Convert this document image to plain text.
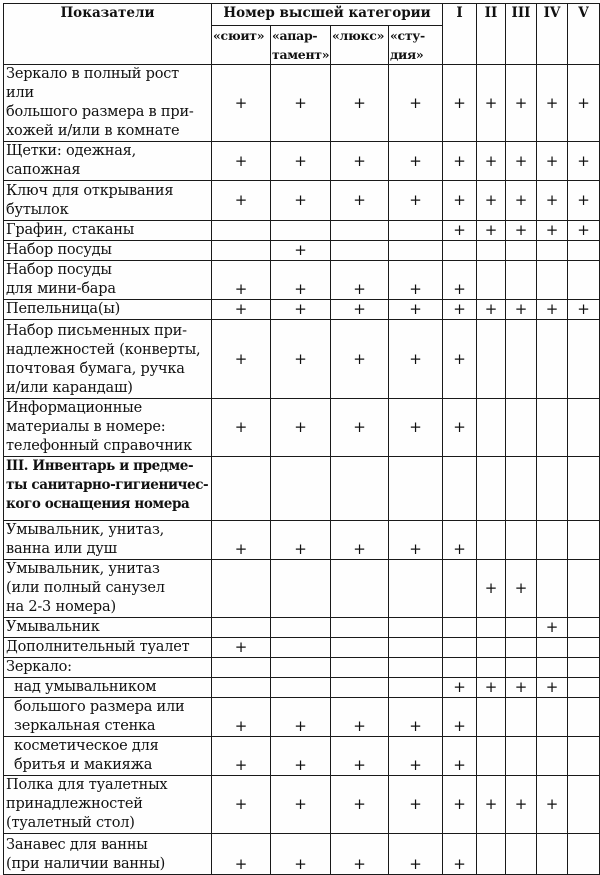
Показатели	Номер высшей категории				I	II	III	IV	V
	«сюит»	«апар-
тамент»	«люкс»	«сту-
дия»					
Зеркало в полный рост или
большого размера в при-
хожей и/или в комнате	+	+	+	+	+	+	+	+	+
Щетки: одежная, сапожная	+	+	+	+	+	+	+	+	+
Ключ для открывания
бутылок	+	+	+	+	+	+	+	+	+
Графин, стаканы					+	+	+	+	+
Набор посуды		+							
Набор посуды
для мини-бара	+	+	+	+	+				
Пепельница(ы)	+	+	+	+	+	+	+	+	+
Набор письменных при-
надлежностей (конверты,
почтовая бумага, ручка
и/или карандаш)	+	+	+	+	+				
Информационные
материалы в номере:
телефонный справочник	+	+	+	+	+				
III. Инвентарь и предме-
ты санитарно-гигиеничес-
кого оснащения номера									
Умывальник, унитаз,
ванна или душ	+	+	+	+	+				
Умывальник, унитаз
(или полный санузел
на 2-3 номера)						+	+		
Умывальник								+	
Дополнительный туалет	+								
Зеркало:									
над умывальником					+	+	+	+	
большого размера или
зеркальная стенка	+	+	+	+	+				
косметическое для
бритья и макияжа	+	+	+	+	+				
Полка для туалетных
принадлежностей
(туалетный стол)	+	+	+	+	+	+	+	+	
Занавес для ванны
(при наличии ванны)	+	+	+	+	+				
